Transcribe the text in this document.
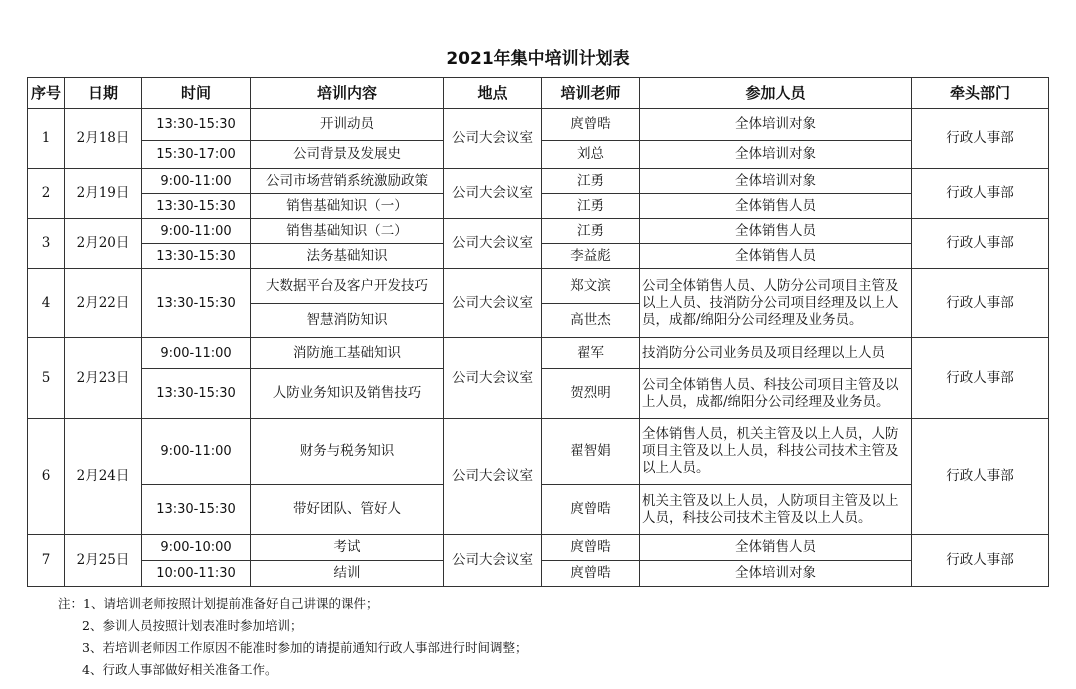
2021年集中培训计划表
序号	日期	时间	培训内容	地点	培训老师	参加人员	牵头部门
1	2月18日	13:30-15:30	开训动员	公司大会议室	庹曾晧	全体培训对象	行政人事部
		15:30-17:00	公司背景及发展史		刘总	全体培训对象	
2	2月19日	9:00-11:00	公司市场营销系统激励政策	公司大会议室	江勇	全体培训对象	行政人事部
		13:30-15:30	销售基础知识（一）		江勇	全体销售人员	
3	2月20日	9:00-11:00	销售基础知识（二）	公司大会议室	江勇	全体销售人员	行政人事部
		13:30-15:30	法务基础知识		李益彪	全体销售人员	
4	2月22日	13:30-15:30	大数据平台及客户开发技巧	公司大会议室	郑文滨	公司全体销售人员、人防分公司项目主管及以上人员、技消防分公司项目经理及以上人员，成都/绵阳分公司经理及业务员。	行政人事部
			智慧消防知识		高世杰		
5	2月23日	9:00-11:00	消防施工基础知识	公司大会议室	翟军	技消防分公司业务员及项目经理以上人员	行政人事部
		13:30-15:30	人防业务知识及销售技巧		贺烈明	公司全体销售人员、科技公司项目主管及以上人员，成都/绵阳分公司经理及业务员。	
6	2月24日	9:00-11:00	财务与税务知识	公司大会议室	翟智娟	全体销售人员，机关主管及以上人员，人防项目主管及以上人员，科技公司技术主管及以上人员。	行政人事部
		13:30-15:30	带好团队、管好人		庹曾晧	机关主管及以上人员，人防项目主管及以上人员，科技公司技术主管及以上人员。	
7	2月25日	9:00-10:00	考试	公司大会议室	庹曾晧	全体销售人员	行政人事部
		10:00-11:30	结训		庹曾晧	全体培训对象	
注：1、请培训老师按照计划提前准备好自己讲课的课件；
2、参训人员按照计划表准时参加培训；
3、若培训老师因工作原因不能准时参加的请提前通知行政人事部进行时间调整；
4、行政人事部做好相关准备工作。
